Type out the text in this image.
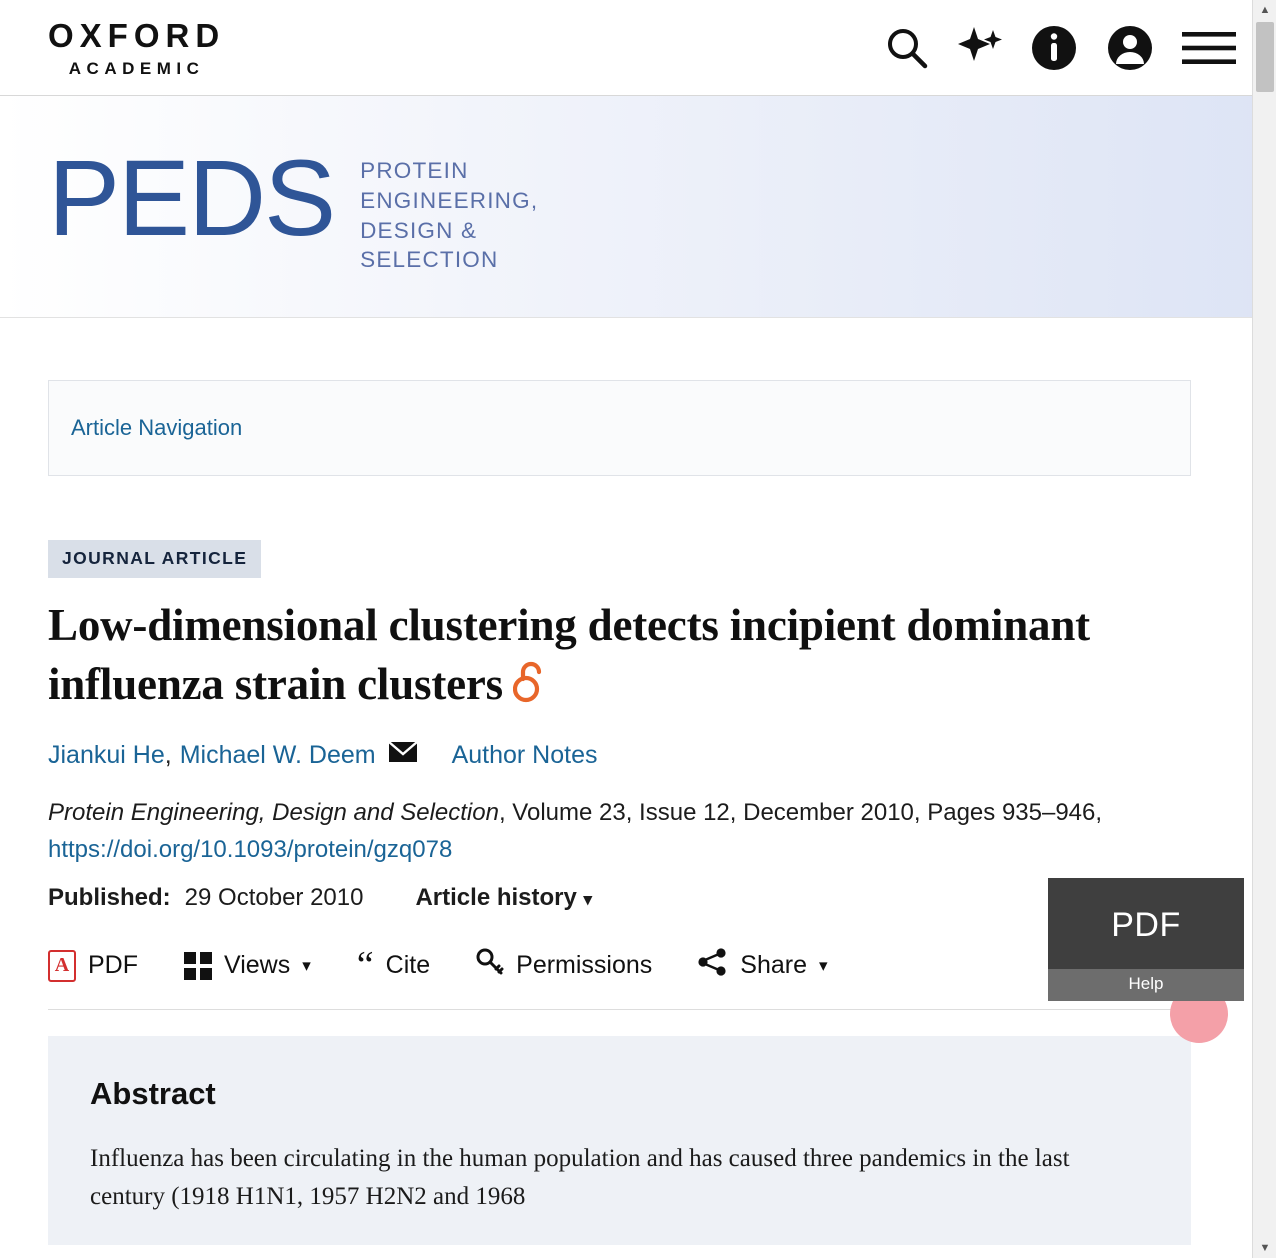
OXFORD
ACADEMIC
PEDS PROTEIN
ENGINEERING,
DESIGN &
SELECTION
Article Navigation
JOURNAL ARTICLE
Low-dimensional clustering detects incipient dominant influenza strain clusters
Jiankui He , Michael W. Deem	Author Notes
Protein Engineering, Design and Selection, Volume 23, Issue 12, December 2010, Pages 935–946, https://doi.org/10.1093/protein/gzq078
Published: 29 October 2010 Article history ▾
A PDF	Views ▾ “ Cite	Permissions	Share ▾
Abstract

Influenza has been circulating in the human population and has caused three pandemics in the last century (1918 H1N1, 1957 H2N2 and 1968

PDF
Help
▲
▼
